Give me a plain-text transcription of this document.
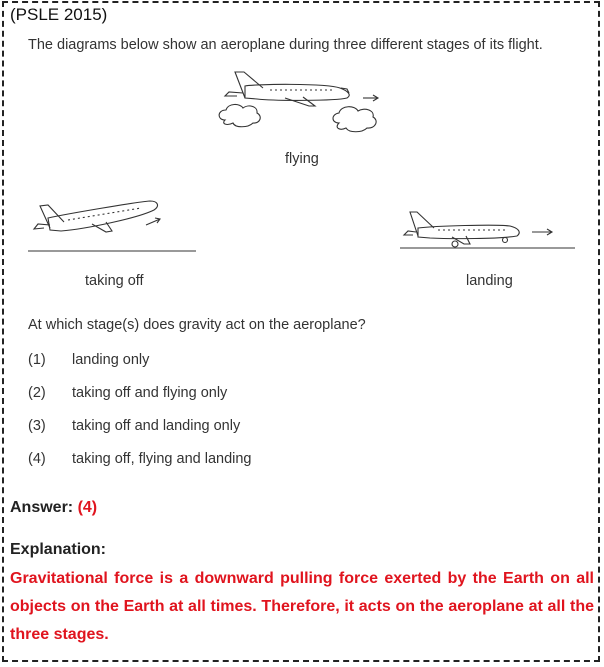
(PSLE 2015)
The diagrams below show an aeroplane during three different stages of its flight.
flying
taking off	landing
At which stage(s) does gravity act on the aeroplane?
(1) landing only
(2) taking off and flying only
(3) taking off and landing only
(4) taking off, flying and landing
Answer: (4)
Explanation:
Gravitational force is a downward pulling force exerted by the Earth on all objects on the Earth at all times. Therefore, it acts on the aeroplane at all the three stages.
